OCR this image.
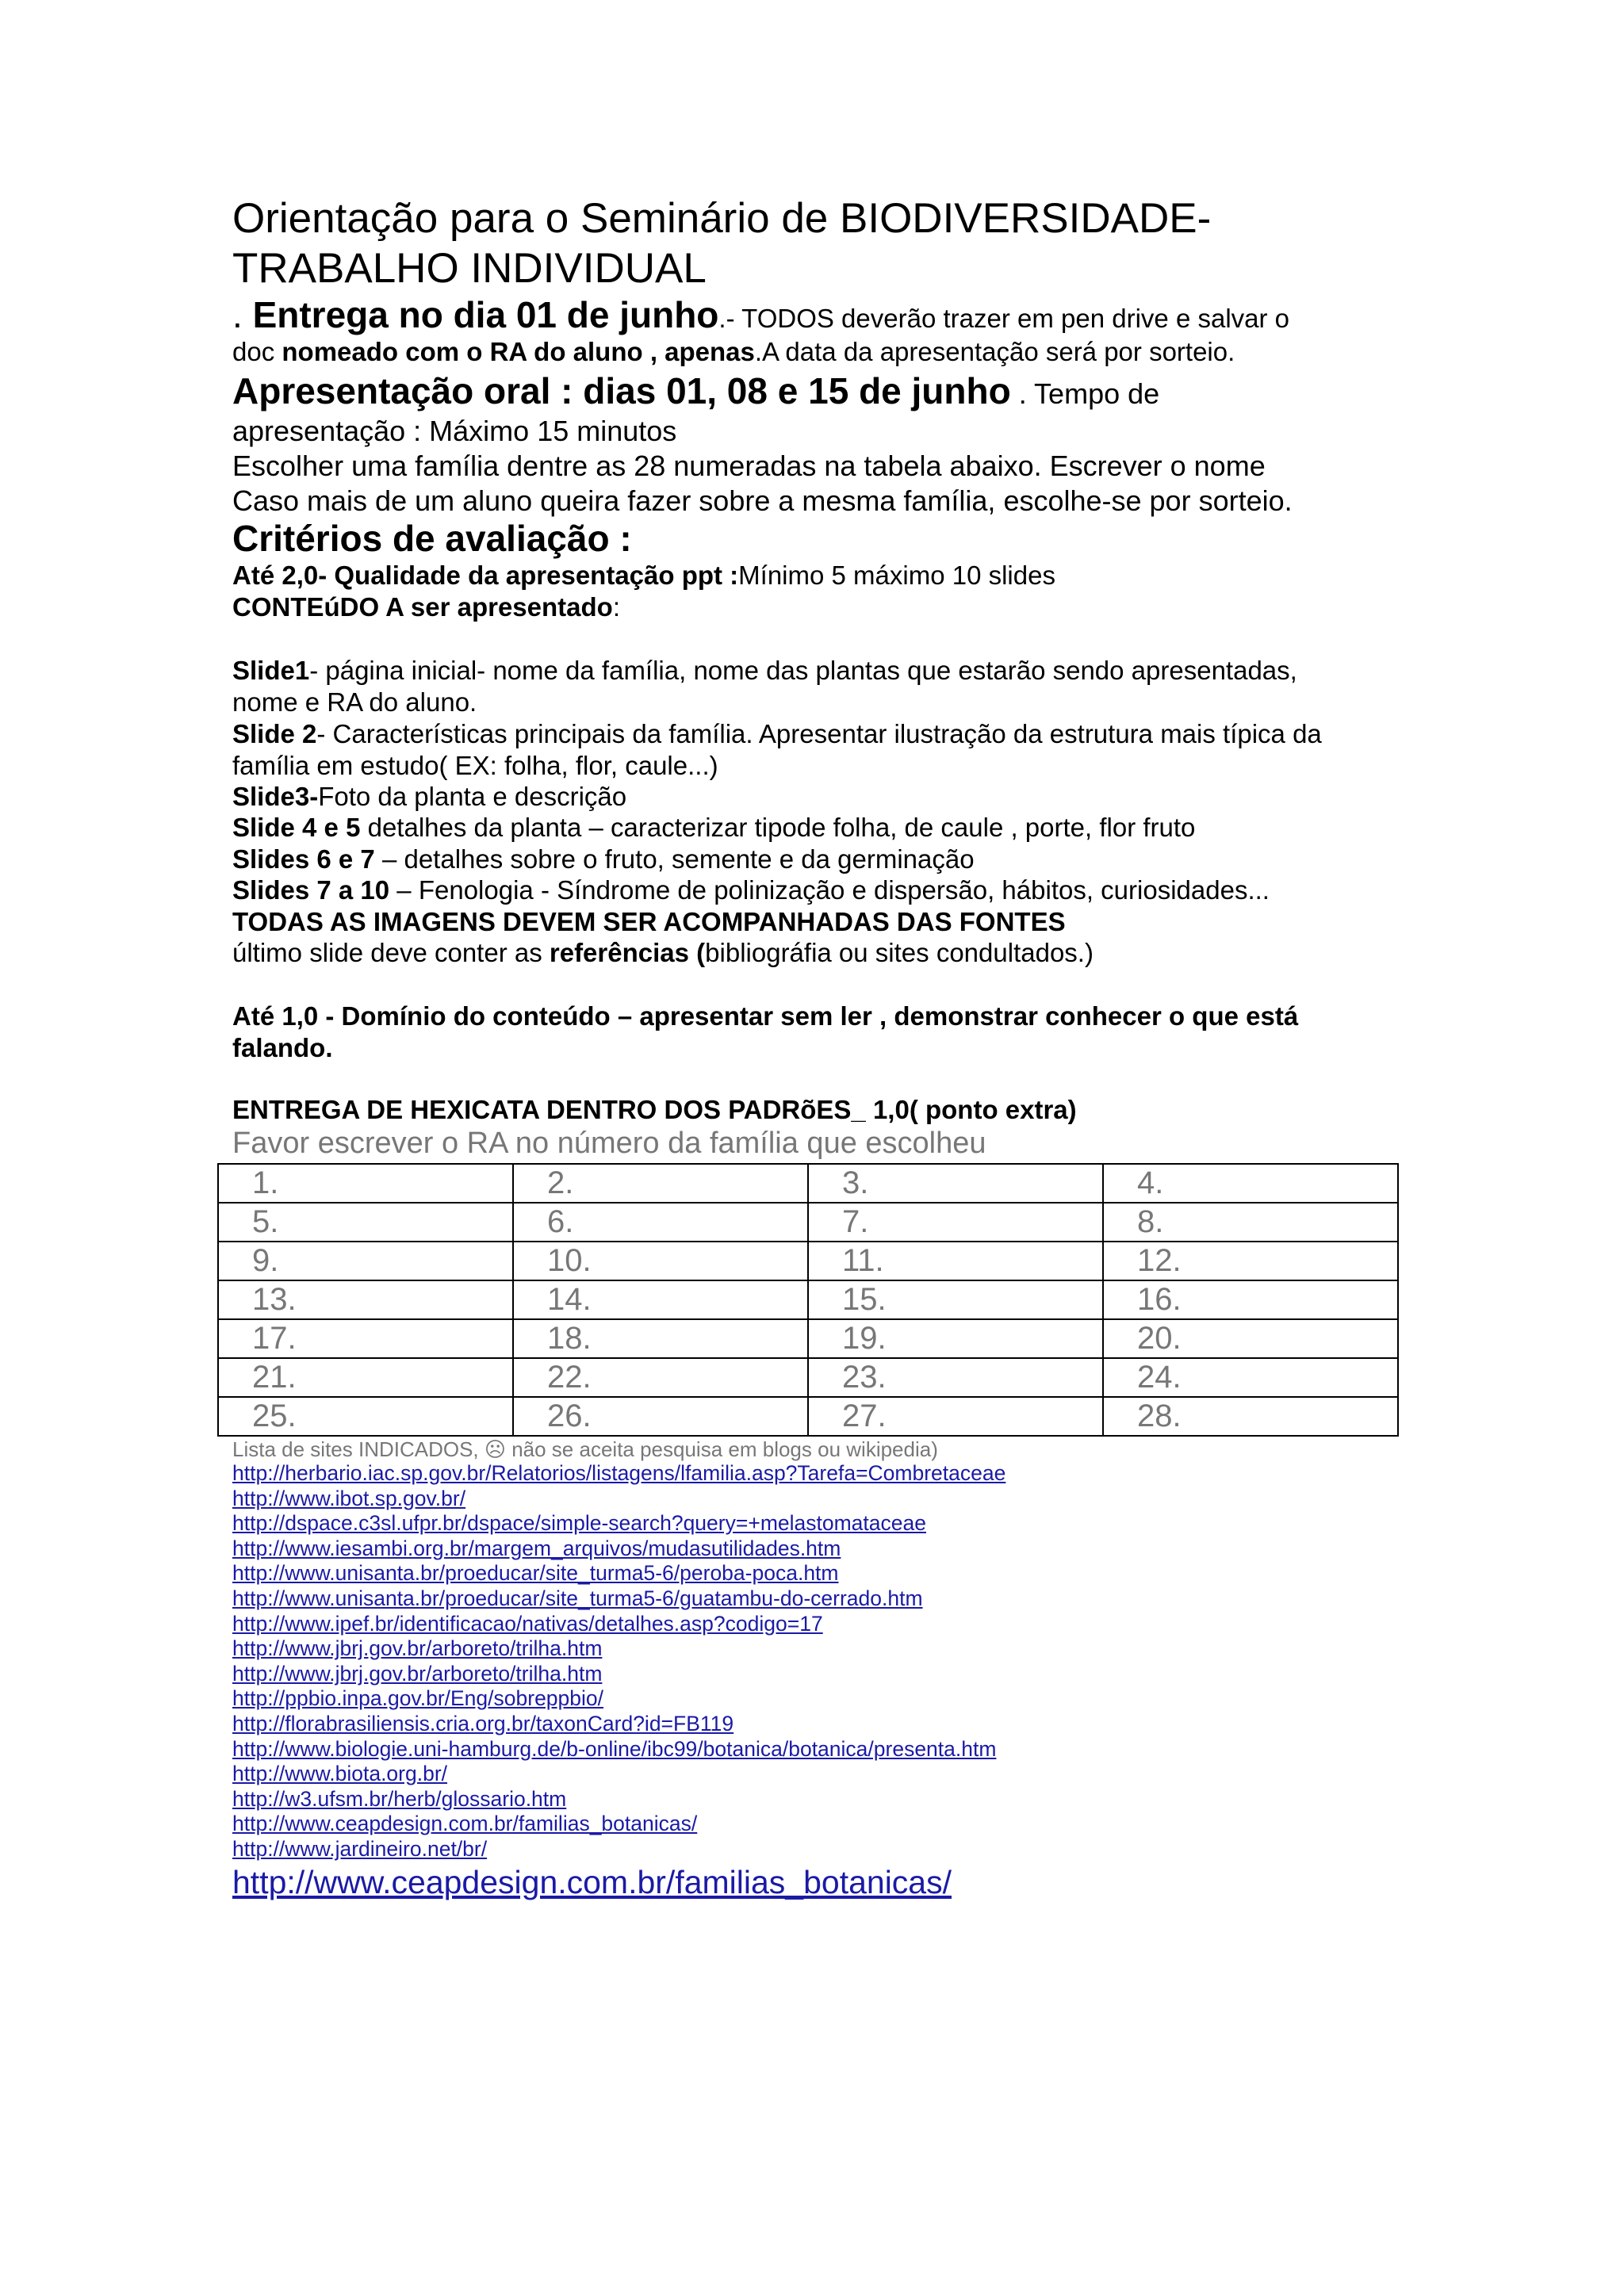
Orientação para o Seminário de BIODIVERSIDADE-
TRABALHO INDIVIDUAL
. Entrega no dia 01 de junho.- TODOS deverão trazer em pen drive e salvar o
doc nomeado com o RA do aluno , apenas.A data da apresentação será por sorteio.
Apresentação oral : dias 01, 08 e 15 de junho . Tempo de
apresentação : Máximo 15 minutos
Escolher uma família dentre as 28 numeradas na tabela abaixo. Escrever o nome
Caso mais de um aluno queira fazer sobre a mesma família, escolhe-se por sorteio.
Critérios de avaliação :
Até 2,0- Qualidade da apresentação ppt :Mínimo 5 máximo 10 slides
CONTEúDO A ser apresentado:
Slide1- página inicial- nome da família, nome das plantas que estarão sendo apresentadas,
nome e RA do aluno.
Slide 2- Características principais da família. Apresentar ilustração da estrutura mais típica da
família em estudo( EX: folha, flor, caule...)
Slide3-Foto da planta e descrição
Slide 4 e 5 detalhes da planta – caracterizar tipode folha, de caule , porte, flor fruto
Slides 6 e 7 – detalhes sobre o fruto, semente e da germinação
Slides 7 a 10 – Fenologia - Síndrome de polinização e dispersão, hábitos, curiosidades...
TODAS AS IMAGENS DEVEM SER ACOMPANHADAS DAS FONTES
último slide deve conter as referências (bibliográfia ou sites condultados.)
Até 1,0 - Domínio do conteúdo – apresentar sem ler , demonstrar conhecer o que está
falando.
ENTREGA DE HEXICATA DENTRO DOS PADRõES_ 1,0( ponto extra)
Favor escrever o RA no número da família que escolheu
1.	2.	3.	4.
5.	6.	7.	8.
9.	10.	11.	12.
13.	14.	15.	16.
17.	18.	19.	20.
21.	22.	23.	24.
25.	26.	27.	28.
Lista de sites INDICADOS, ☹ não se aceita pesquisa em blogs ou wikipedia)
http://herbario.iac.sp.gov.br/Relatorios/listagens/lfamilia.asp?Tarefa=Combretaceae
http://www.ibot.sp.gov.br/
http://dspace.c3sl.ufpr.br/dspace/simple-search?query=+melastomataceae
http://www.iesambi.org.br/margem_arquivos/mudasutilidades.htm
http://www.unisanta.br/proeducar/site_turma5-6/peroba-poca.htm
http://www.unisanta.br/proeducar/site_turma5-6/guatambu-do-cerrado.htm
http://www.ipef.br/identificacao/nativas/detalhes.asp?codigo=17
http://www.jbrj.gov.br/arboreto/trilha.htm
http://www.jbrj.gov.br/arboreto/trilha.htm
http://ppbio.inpa.gov.br/Eng/sobreppbio/
http://florabrasiliensis.cria.org.br/taxonCard?id=FB119
http://www.biologie.uni-hamburg.de/b-online/ibc99/botanica/botanica/presenta.htm
http://www.biota.org.br/
http://w3.ufsm.br/herb/glossario.htm
http://www.ceapdesign.com.br/familias_botanicas/
http://www.jardineiro.net/br/
http://www.ceapdesign.com.br/familias_botanicas/
